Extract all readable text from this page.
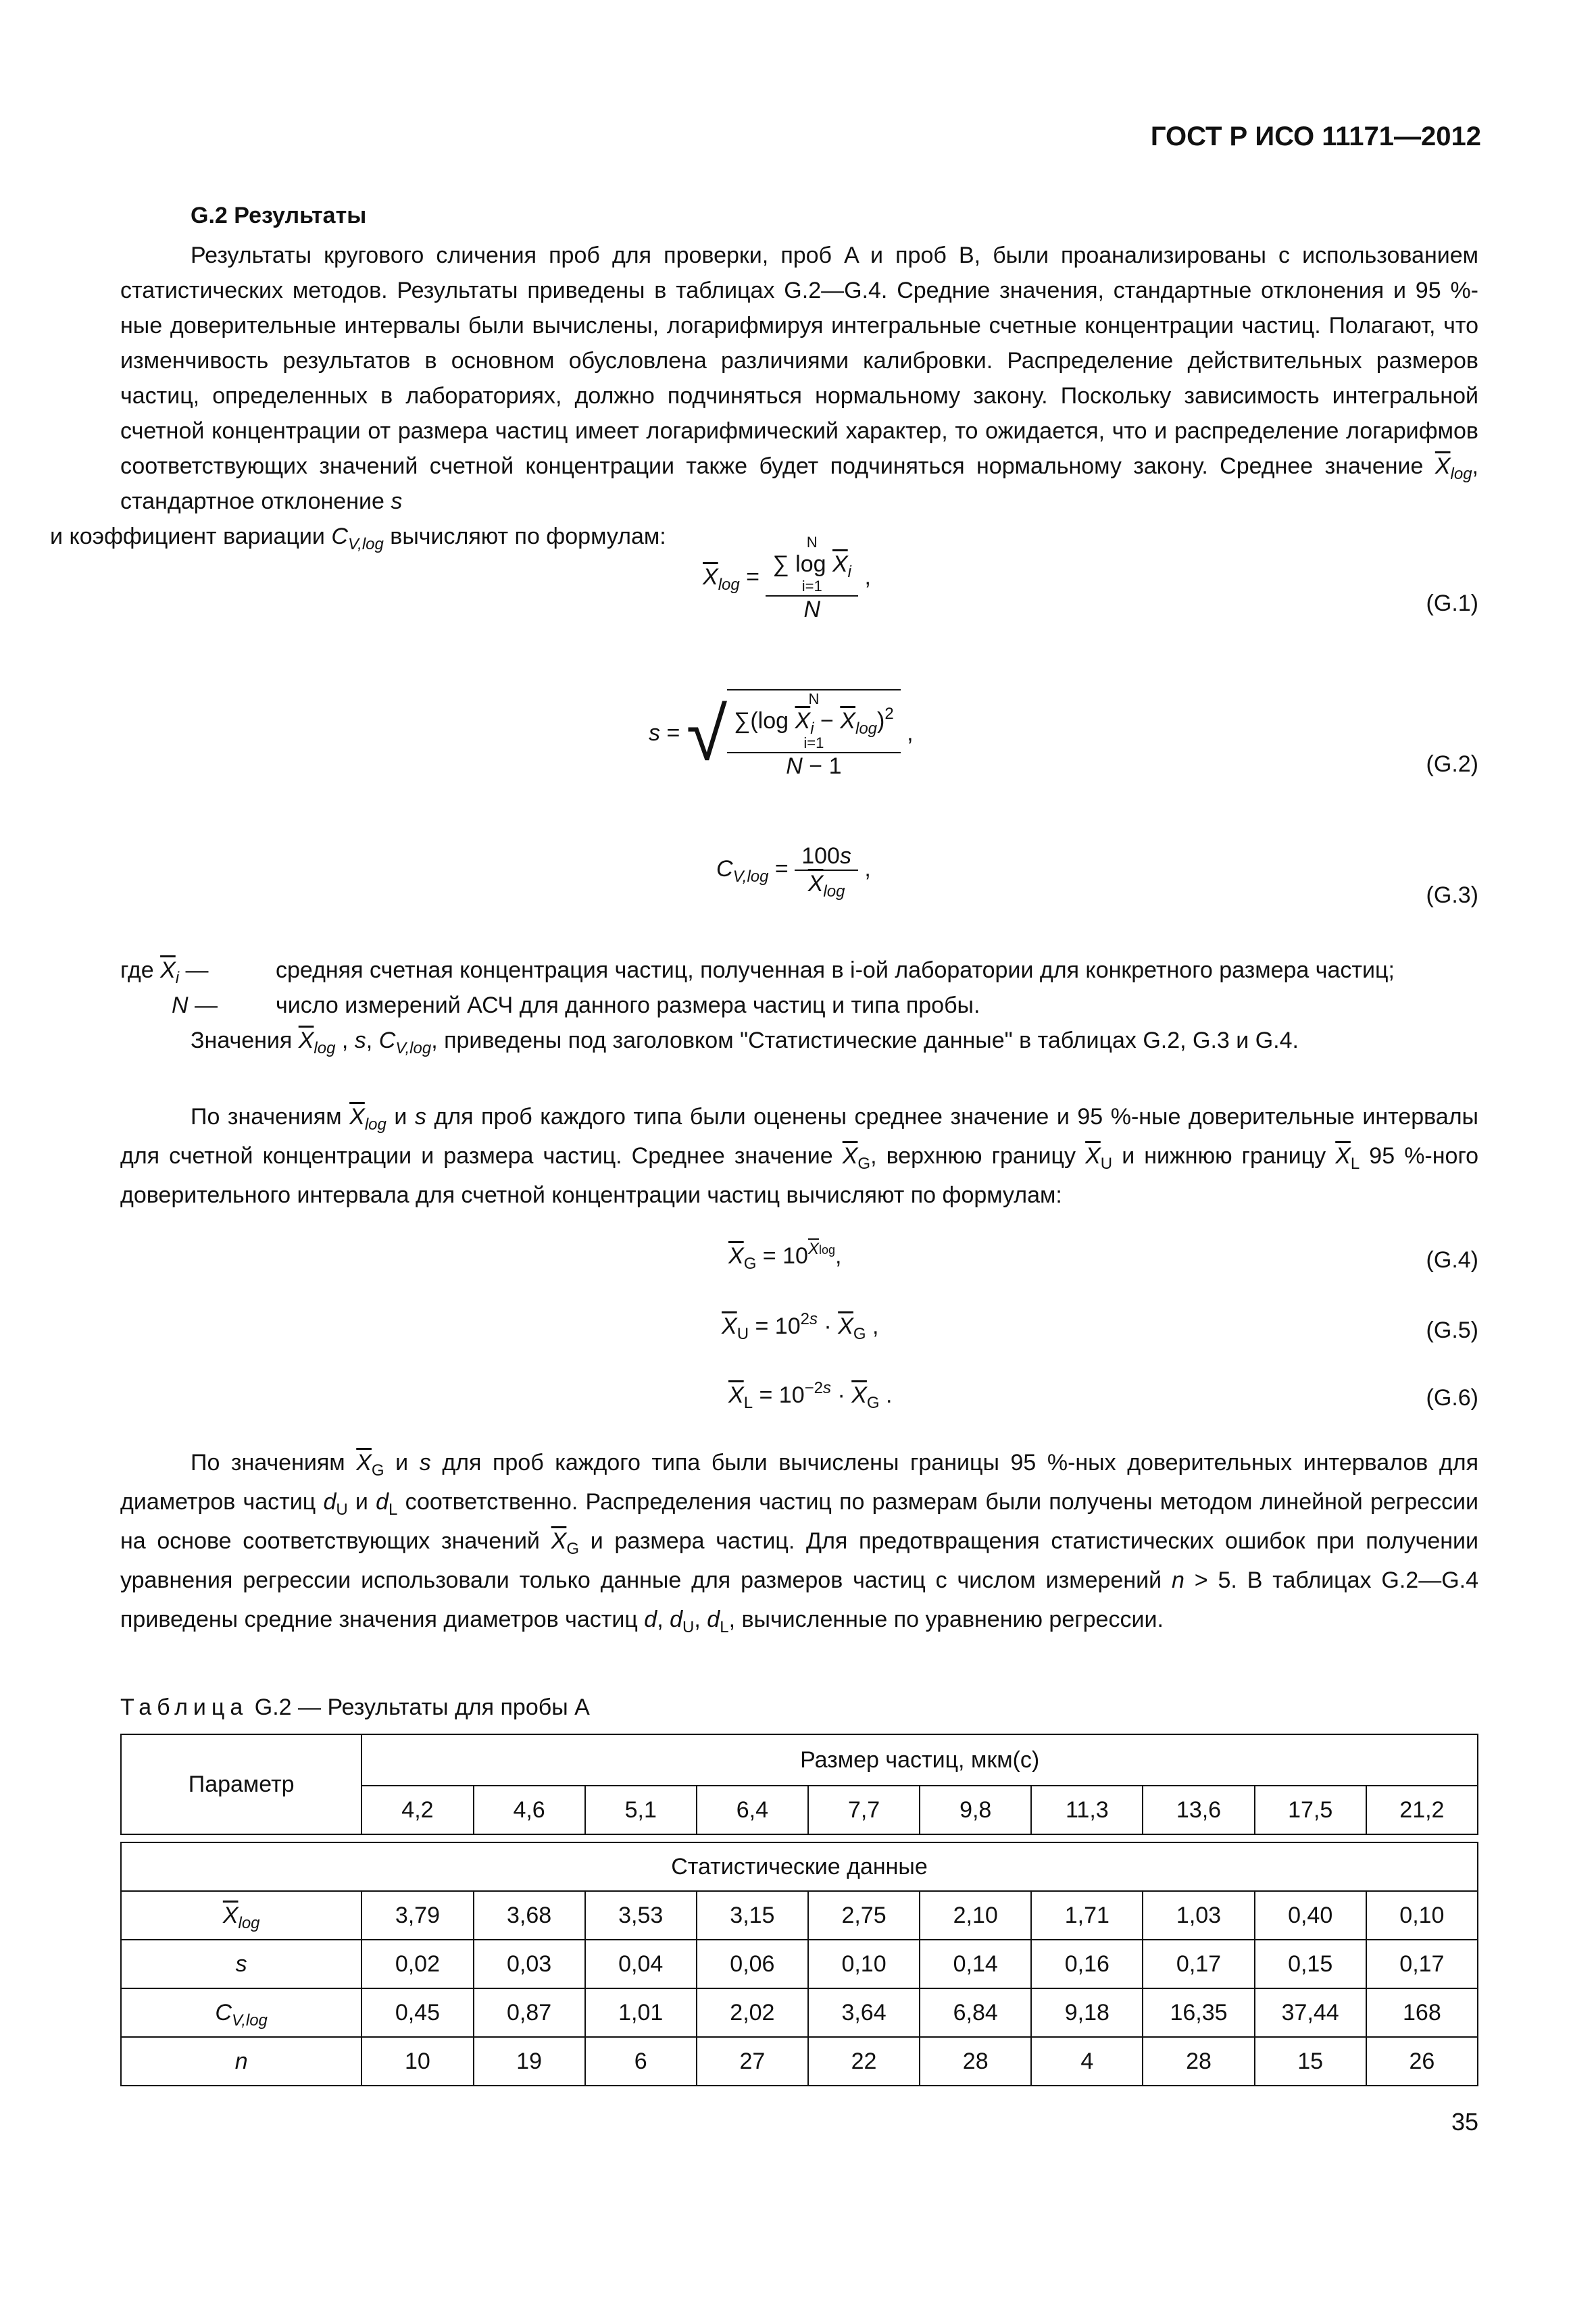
ГОСТ Р ИСО 11171—2012
G.2 Результаты

Результаты кругового сличения проб для проверки, проб A и проб B, были проанализированы с использованием статистических методов. Результаты приведены в таблицах G.2—G.4. Средние значения, стандартные отклонения и 95 %-ные доверительные интервалы были вычислены, логарифмируя интегральные счетные концентрации частиц. Полагают, что изменчивость результатов в основном обусловлена различиями калибровки. Распределение действительных размеров частиц, определенных в лабораториях, должно подчиняться нормальному закону. Поскольку зависимость интегральной счетной концентрации от размера частиц имеет логарифмический характер, то ожидается, что и распределение логарифмов соответствующих значений счетной концентрации также будет подчиняться нормальному закону. Среднее значение $\overline{X}_{log}$, стандартное отклонение s
и коэффициент вариации $C_{V,log}$ вычисляют по формулам:

$\overline{X}_{log} = N$
∑ $\log \overline{X}_i$
i=1
N ,
(G.1)
s = √ N
∑(log $\overline{X}_i - \overline{X}_{log})^2$
i=1
N − 1 ,
(G.2)
$C_{V,log} = \frac{100s}{\overline{X}_{log}}$ ,
(G.3)
где $\overline{X}_i$ —	средняя счетная концентрация частиц, полученная в i-ой лаборатории для конкретного размера частиц;
N —	число измерений АСЧ для данного размера частиц и типа пробы.
Значения $\overline{X}_{log}$ , s, $C_{V,log}$, приведены под заголовком "Статистические данные" в таблицах G.2, G.3 и G.4.

По значениям $\overline{X}_{log}$ и s для проб каждого типа были оценены среднее значение и 95 %-ные доверительные интервалы для счетной концентрации и размера частиц. Среднее значение $\overline{X}_G$, верхнюю границу $\overline{X}_U$ и нижнюю границу $\overline{X}_L$ 95 %-ного доверительного интервала для счетной концентрации частиц вычисляют по формулам:

$\overline{X}_G = 10^{\overline{X}log}$,	(G.4)
$\overline{X}_U = 10^{2s} \cdot \overline{X}_G$ ,	(G.5)
$\overline{X}_L = 10^{-2s} \cdot \overline{X}_G$ .	(G.6)

По значениям $\overline{X}_G$ и s для проб каждого типа были вычислены границы 95 %-ных доверительных интервалов для диаметров частиц $d_U$ и $d_L$ соответственно. Распределения частиц по размерам были получены методом линейной регрессии на основе соответствующих значений $\overline{X}_G$ и размера частиц. Для предотвращения статистических ошибок при получении уравнения регрессии использовали только данные для размеров частиц с числом измерений n > 5. В таблицах G.2—G.4 приведены средние значения диаметров частиц d, $d_U$, $d_L$, вычисленные по уравнению регрессии.

Таблица G.2 — Результаты для пробы A
Параметр	Размер частиц, мкм(c)									
	4,2	4,6	5,1	6,4	7,7	9,8	11,3	13,6	17,5	21,2

Статистические данные										
$\overline{X}_{log}$	3,79	3,68	3,53	3,15	2,75	2,10	1,71	1,03	0,40	0,10
s	0,02	0,03	0,04	0,06	0,10	0,14	0,16	0,17	0,15	0,17
$C_{V,log}$	0,45	0,87	1,01	2,02	3,64	6,84	9,18	16,35	37,44	168
n	10	19	6	27	22	28	4	28	15	26
35
